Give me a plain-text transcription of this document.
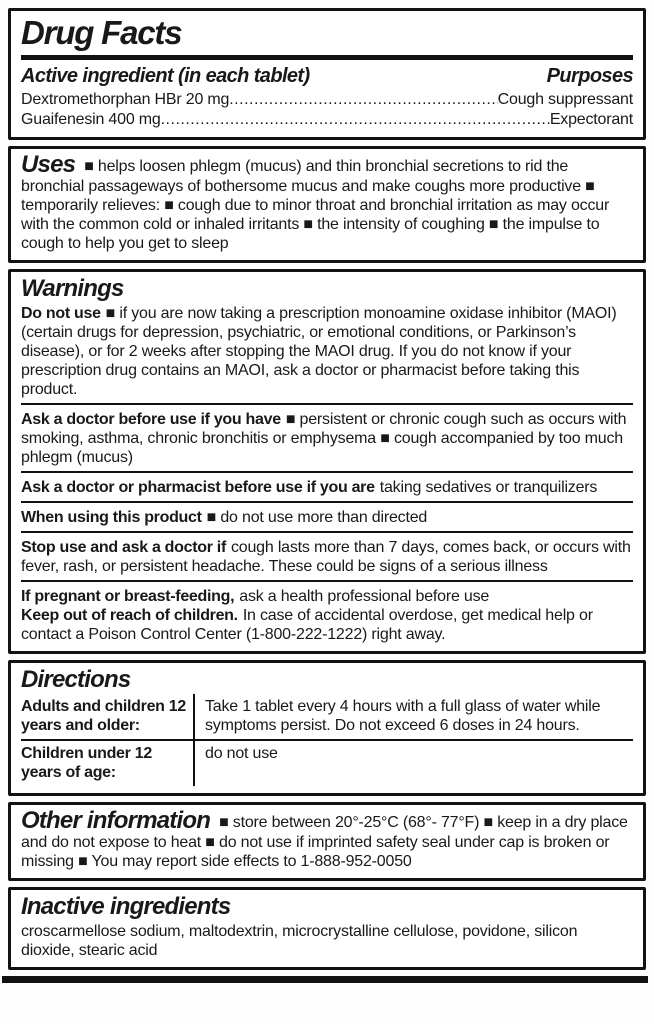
Drug Facts
Active ingredient (in each tablet)	Purposes
Dextromethorphan HBr 20 mg .....	Cough suppressant
Guaifenesin 400 mg .....	Expectorant

Uses ■ helps loosen phlegm (mucus) and thin bronchial secretions to rid the bronchial passageways of bothersome mucus and make coughs more productive ■ temporarily relieves: ■ cough due to minor throat and bronchial irritation as may occur with the common cold or inhaled irritants ■ the intensity of coughing ■ the impulse to cough to help you get to sleep

Warnings

Do not use ■ if you are now taking a prescription monoamine oxidase inhibitor (MAOI) (certain drugs for depression, psychiatric, or emotional conditions, or Parkinson’s disease), or for 2 weeks after stopping the MAOI drug. If you do not know if your prescription drug contains an MAOI, ask a doctor or pharmacist before taking this product.

Ask a doctor before use if you have ■ persistent or chronic cough such as occurs with smoking, asthma, chronic bronchitis or emphysema ■ cough accompanied by too much phlegm (mucus)

Ask a doctor or pharmacist before use if you are taking sedatives or tranquilizers

When using this product ■ do not use more than directed

Stop use and ask a doctor if cough lasts more than 7 days, comes back, or occurs with fever, rash, or persistent headache. These could be signs of a serious illness

If pregnant or breast-feeding, ask a health professional before use

Keep out of reach of children. In case of accidental overdose, get medical help or contact a Poison Control Center (1-800-222-1222) right away.

Directions
Adults and children 12 years and older:
Take 1 tablet every 4 hours with a full glass of water while symptoms persist. Do not exceed 6 doses in 24 hours.
Children under 12 years of age:
do not use

Other information ■ store between 20°-25°C (68°- 77°F) ■ keep in a dry place and do not expose to heat ■ do not use if imprinted safety seal under cap is broken or missing ■ You may report side effects to 1-888-952-0050

Inactive ingredients

croscarmellose sodium, maltodextrin, microcrystalline cellulose, povidone, silicon dioxide, stearic acid
